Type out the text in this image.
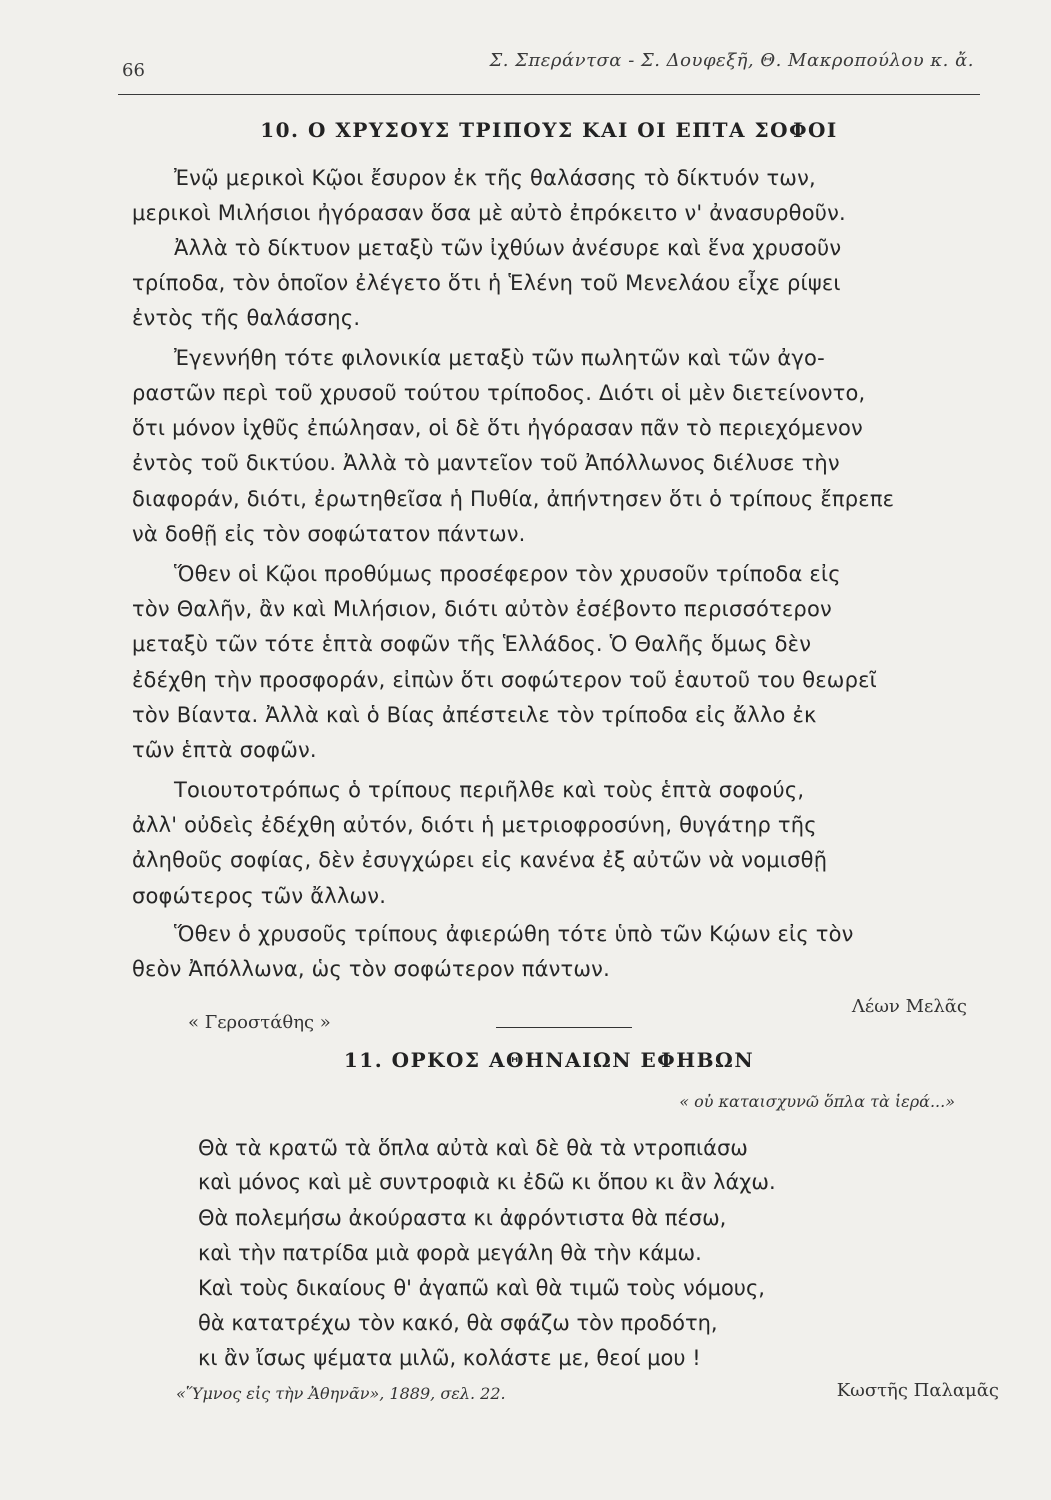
66	Σ. Σπεράντσα - Σ. Δουφεξῆ, Θ. Μακροπούλου κ. ἄ.
10. Ο ΧΡΥΣΟΥΣ ΤΡΙΠΟΥΣ ΚΑΙ ΟΙ ΕΠΤΑ ΣΟΦΟΙ
Ἐνῷ μερικοὶ Κῷοι ἔσυρον ἐκ τῆς θαλάσσης τὸ δίκτυόν των,
μερικοὶ Μιλήσιοι ἠγόρασαν ὅσα μὲ αὐτὸ ἐπρόκειτο ν' ἀνασυρθοῦν.
Ἀλλὰ τὸ δίκτυον μεταξὺ τῶν ἰχθύων ἀνέσυρε καὶ ἕνα χρυσοῦν
τρίποδα, τὸν ὁποῖον ἐλέγετο ὅτι ἡ Ἑλένη τοῦ Μενελάου εἶχε ρίψει
ἐντὸς τῆς θαλάσσης.
Ἐγεννήθη τότε φιλονικία μεταξὺ τῶν πωλητῶν καὶ τῶν ἀγο-
ραστῶν περὶ τοῦ χρυσοῦ τούτου τρίποδος. Διότι οἱ μὲν διετείνοντο,
ὅτι μόνον ἰχθῦς ἐπώλησαν, οἱ δὲ ὅτι ἠγόρασαν πᾶν τὸ περιεχόμενον
ἐντὸς τοῦ δικτύου. Ἀλλὰ τὸ μαντεῖον τοῦ Ἀπόλλωνος διέλυσε τὴν
διαφοράν, διότι, ἐρωτηθεῖσα ἡ Πυθία, ἀπήντησεν ὅτι ὁ τρίπους ἔπρεπε
νὰ δοθῇ εἰς τὸν σοφώτατον πάντων.
Ὅθεν οἱ Κῷοι προθύμως προσέφερον τὸν χρυσοῦν τρίποδα εἰς
τὸν Θαλῆν, ἂν καὶ Μιλήσιον, διότι αὐτὸν ἐσέβοντο περισσότερον
μεταξὺ τῶν τότε ἑπτὰ σοφῶν τῆς Ἑλλάδος. Ὁ Θαλῆς ὅμως δὲν
ἐδέχθη τὴν προσφοράν, εἰπὼν ὅτι σοφώτερον τοῦ ἑαυτοῦ του θεωρεῖ
τὸν Βίαντα. Ἀλλὰ καὶ ὁ Βίας ἀπέστειλε τὸν τρίποδα εἰς ἄλλο ἐκ
τῶν ἑπτὰ σοφῶν.
Τοιουτοτρόπως ὁ τρίπους περιῆλθε καὶ τοὺς ἑπτὰ σοφούς,
ἀλλ' οὐδεὶς ἐδέχθη αὐτόν, διότι ἡ μετριοφροσύνη, θυγάτηρ τῆς
ἀληθοῦς σοφίας, δὲν ἐσυγχώρει εἰς κανένα ἐξ αὐτῶν νὰ νομισθῇ
σοφώτερος τῶν ἄλλων.
Ὅθεν ὁ χρυσοῦς τρίπους ἀφιερώθη τότε ὑπὸ τῶν Κῴων εἰς τὸν
θεὸν Ἀπόλλωνα, ὡς τὸν σοφώτερον πάντων.
Λέων Μελᾶς
« Γεροστάθης »
11. ΟΡΚΟΣ ΑΘΗΝΑΙΩΝ ΕΦΗΒΩΝ
« οὐ καταισχυνῶ ὅπλα τὰ ἱερά...»
Θὰ τὰ κρατῶ τὰ ὅπλα αὐτὰ καὶ δὲ θὰ τὰ ντροπιάσω
καὶ μόνος καὶ μὲ συντροφιὰ κι ἐδῶ κι ὅπου κι ἂν λάχω.
Θὰ πολεμήσω ἀκούραστα κι ἀφρόντιστα θὰ πέσω,
καὶ τὴν πατρίδα μιὰ φορὰ μεγάλη θὰ τὴν κάμω.
Καὶ τοὺς δικαίους θ' ἀγαπῶ καὶ θὰ τιμῶ τοὺς νόμους,
θὰ κατατρέχω τὸν κακό, θὰ σφάζω τὸν προδότη,
κι ἂν ἴσως ψέματα μιλῶ, κολάστε με, θεοί μου !
«Ὕμνος εἰς τὴν Ἀθηνᾶν», 1889, σελ. 22.	Κωστῆς Παλαμᾶς
